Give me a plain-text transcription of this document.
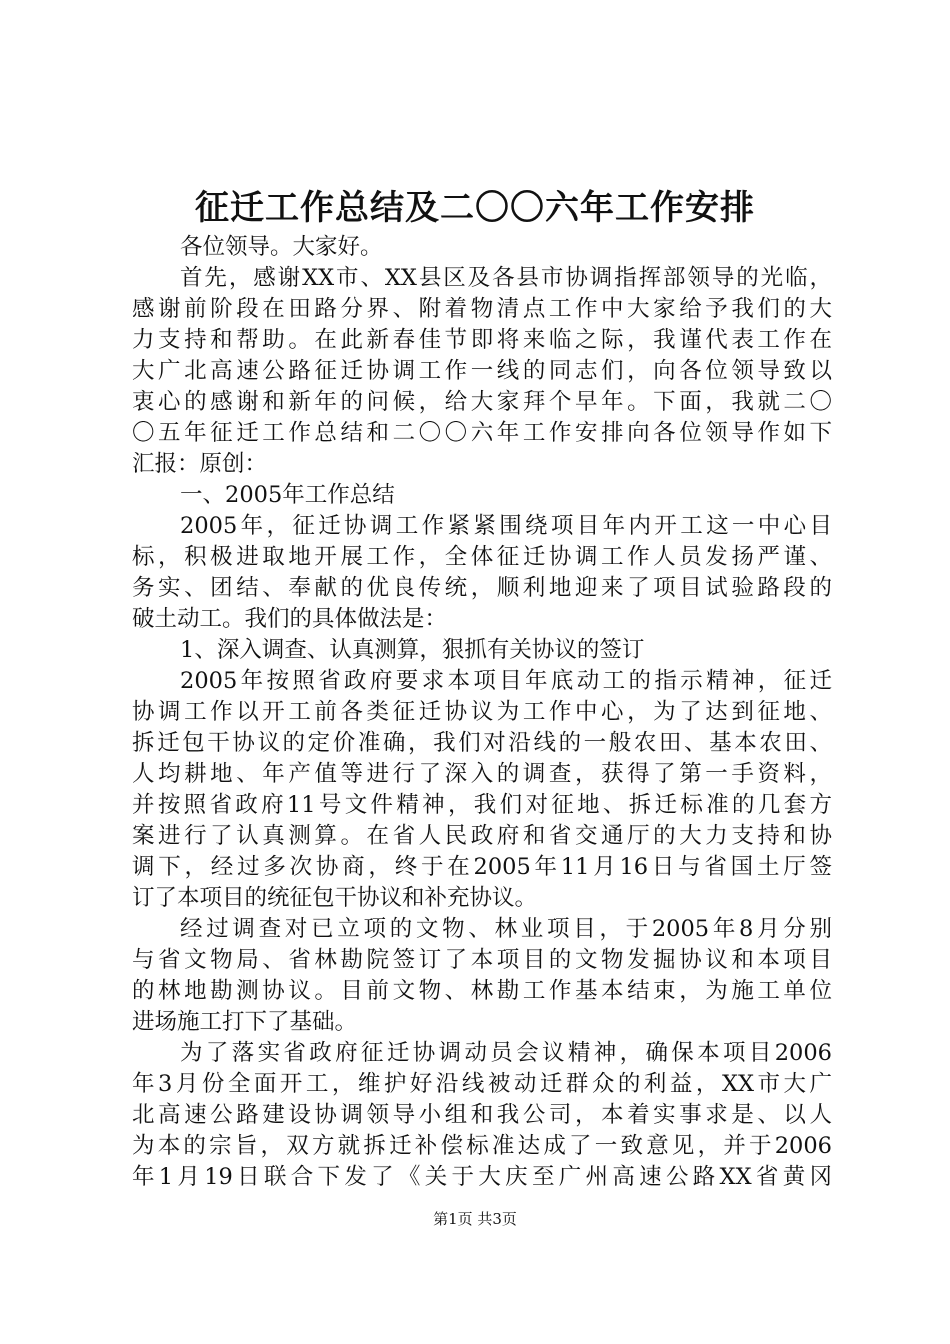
征迁工作总结及二〇〇六年工作安排
各位领导。大家好。
首先，感谢XX市、XX县区及各县市协调指挥部领导的光临，
感谢前阶段在田路分界、附着物清点工作中大家给予我们的大
力支持和帮助。在此新春佳节即将来临之际，我谨代表工作在
大广北高速公路征迁协调工作一线的同志们，向各位领导致以
衷心的感谢和新年的问候，给大家拜个早年。下面，我就二〇
〇五年征迁工作总结和二〇〇六年工作安排向各位领导作如下
汇报：原创：
一、2005年工作总结
2005年，征迁协调工作紧紧围绕项目年内开工这一中心目
标，积极进取地开展工作，全体征迁协调工作人员发扬严谨、
务实、团结、奉献的优良传统，顺利地迎来了项目试验路段的
破土动工。我们的具体做法是：
1、深入调查、认真测算，狠抓有关协议的签订
2005年按照省政府要求本项目年底动工的指示精神，征迁
协调工作以开工前各类征迁协议为工作中心，为了达到征地、
拆迁包干协议的定价准确，我们对沿线的一般农田、基本农田、
人均耕地、年产值等进行了深入的调查，获得了第一手资料，
并按照省政府11号文件精神，我们对征地、拆迁标准的几套方
案进行了认真测算。在省人民政府和省交通厅的大力支持和协
调下，经过多次协商，终于在2005年11月16日与省国土厅签
订了本项目的统征包干协议和补充协议。
经过调查对已立项的文物、林业项目，于2005年8月分别
与省文物局、省林勘院签订了本项目的文物发掘协议和本项目
的林地勘测协议。目前文物、林勘工作基本结束，为施工单位
进场施工打下了基础。
为了落实省政府征迁协调动员会议精神，确保本项目2006
年3月份全面开工，维护好沿线被动迁群众的利益，XX市大广
北高速公路建设协调领导小组和我公司，本着实事求是、以人
为本的宗旨，双方就拆迁补偿标准达成了一致意见，并于2006
年1月19日联合下发了《关于大庆至广州高速公路XX省黄冈
第1页 共3页
